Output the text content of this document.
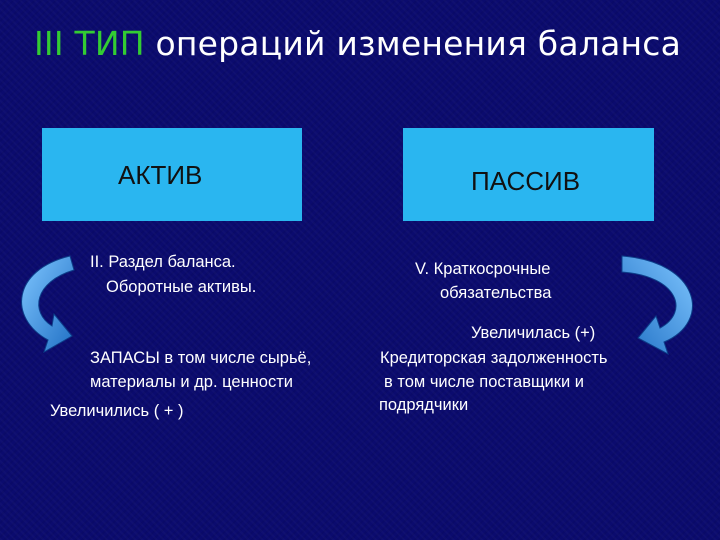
III ТИП операций изменения баланса
АКТИВ	ПАССИВ
II. Раздел баланса.
Оборотные активы.
V. Краткосрочные
обязательства
Увеличилась (+)
ЗАПАСЫ в том числе сырьё,
материалы и др. ценности
Увеличились ( + )
Кредиторская задолженность
в том числе поставщики и
подрядчики
